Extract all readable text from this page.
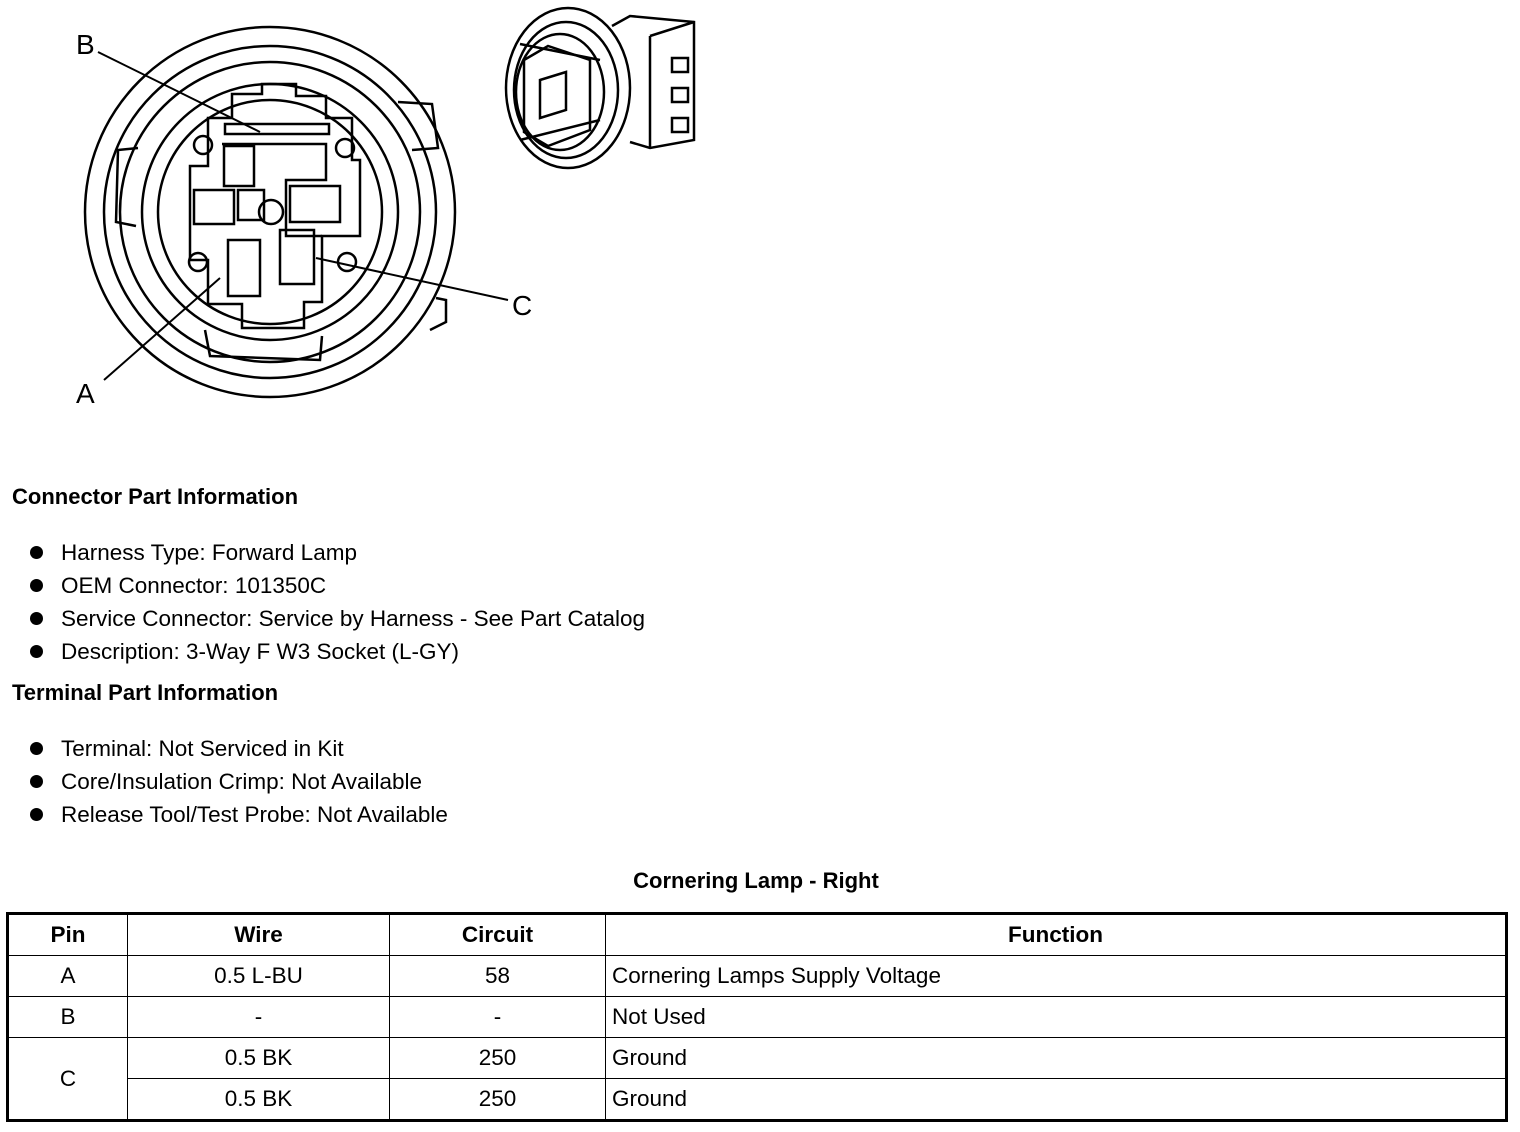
B
A
C
Connector Part Information
Harness Type: Forward Lamp
OEM Connector: 101350C
Service Connector: Service by Harness - See Part Catalog
Description: 3-Way F W3 Socket (L-GY)
Terminal Part Information
Terminal: Not Serviced in Kit
Core/Insulation Crimp: Not Available
Release Tool/Test Probe: Not Available
Cornering Lamp - Right
Pin	Wire	Circuit	Function
A	0.5 L-BU	58	Cornering Lamps Supply Voltage
B	-	-	Not Used
C	0.5 BK	250	Ground
	0.5 BK	250	Ground
